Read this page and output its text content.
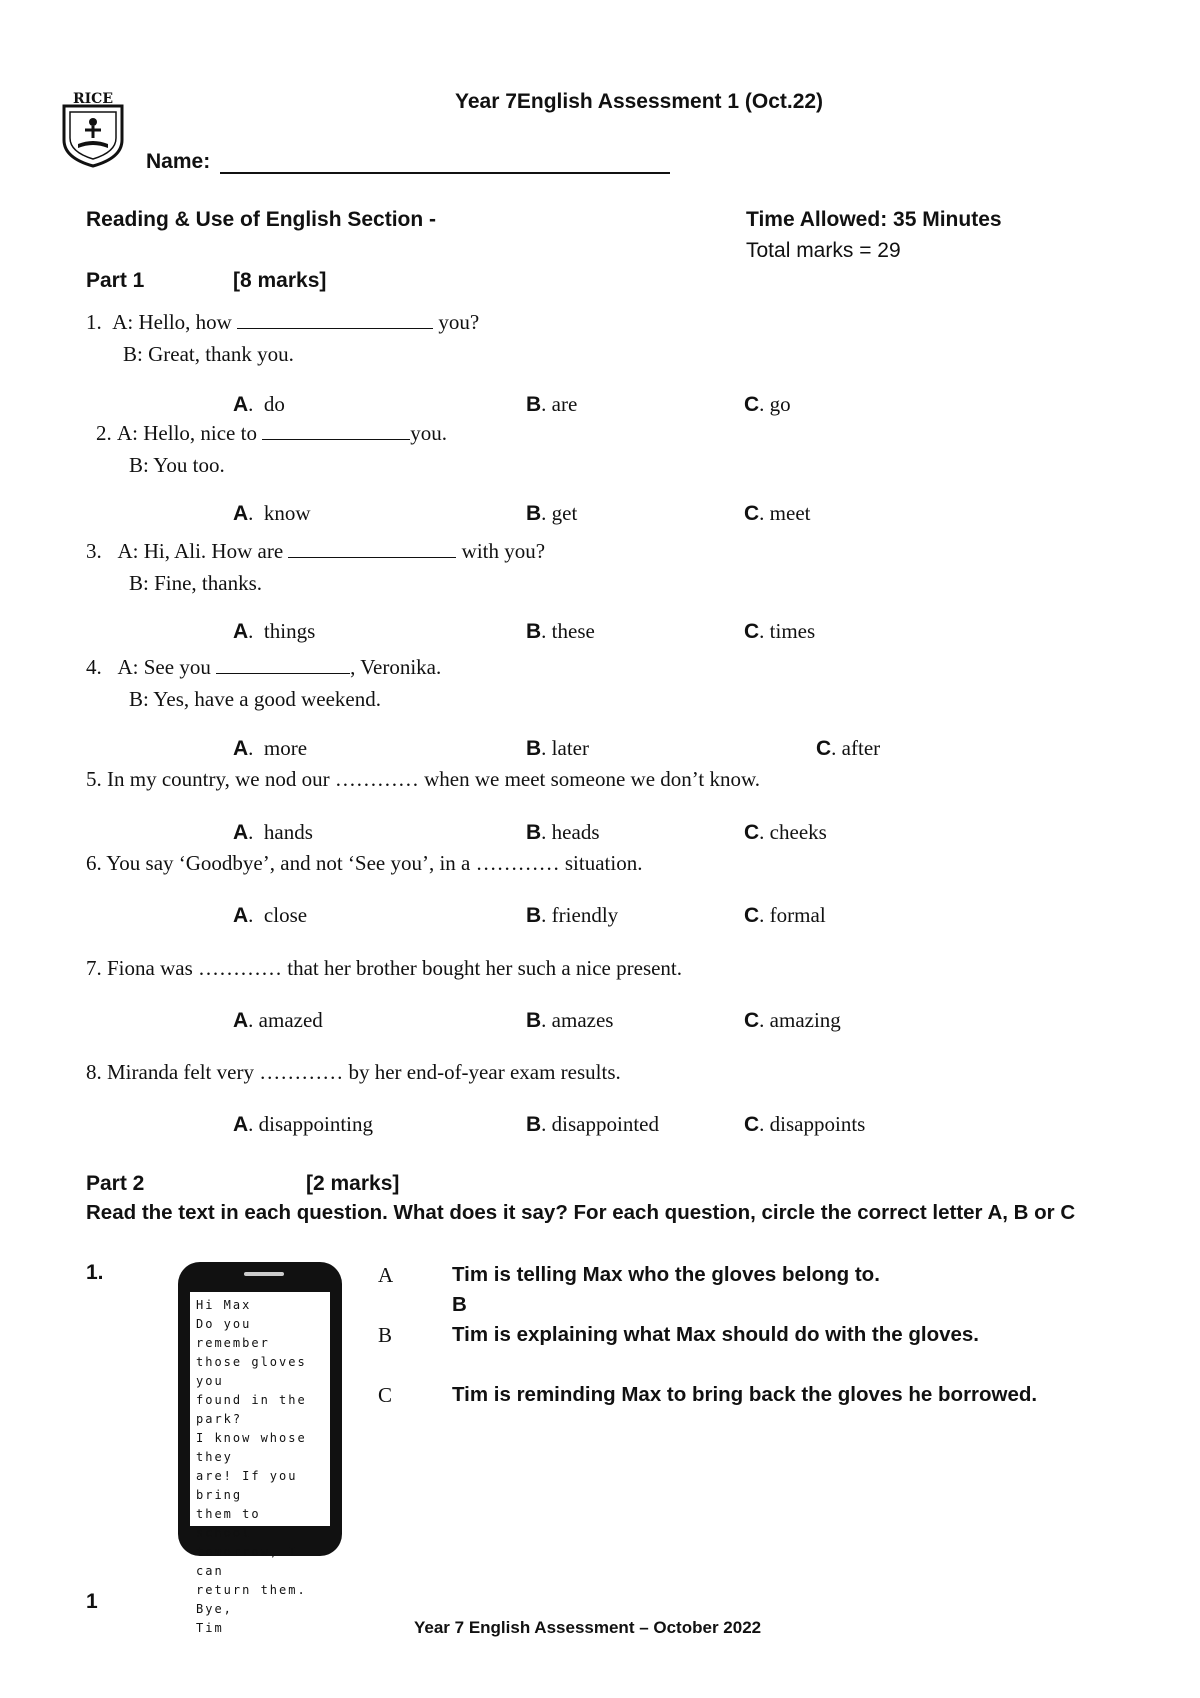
RICE	Year 7English Assessment 1 (Oct.22)
Name:
Reading & Use of English Section -	Time Allowed: 35 Minutes
Total marks = 29
Part 1	[8 marks]
1. A: Hello, how	you?
B: Great, thank you.
A.  do	B. are	C. go
2. A: Hello, nice to	you.
B: You too.
A.  know	B. get	C. meet
3. A: Hi, Ali. How are	with you?
B: Fine, thanks.
A.  things	B. these	C. times
4. A: See you	, Veronika.
B: Yes, have a good weekend.
A.  more	B. later	C. after
5. In my country, we nod our ………… when we meet someone we don’t know.
A.  hands	B. heads	C. cheeks
6. You say ‘Goodbye’, and not ‘See you’, in a ………… situation.
A.  close	B. friendly	C. formal
7. Fiona was ………… that her brother bought her such a nice present.
A. amazed	B. amazes	C. amazing
8. Miranda felt very ………… by her end-of-year exam results.
A. disappointing	B. disappointed	C. disappoints
Part 2	[2 marks]
Read the text in each question. What does it say? For each question, circle the correct letter A, B or C
1.
Hi Max
Do you remember
those gloves you
found in the park?
I know whose they
are! If you bring
them to school
tomorrow, I can
return them.
Bye,
Tim
A	Tim is telling Max who the gloves belong to.
B
B	Tim is explaining what Max should do with the gloves.
C	Tim is reminding Max to bring back the gloves he borrowed.
1
Year 7 English Assessment – October 2022
